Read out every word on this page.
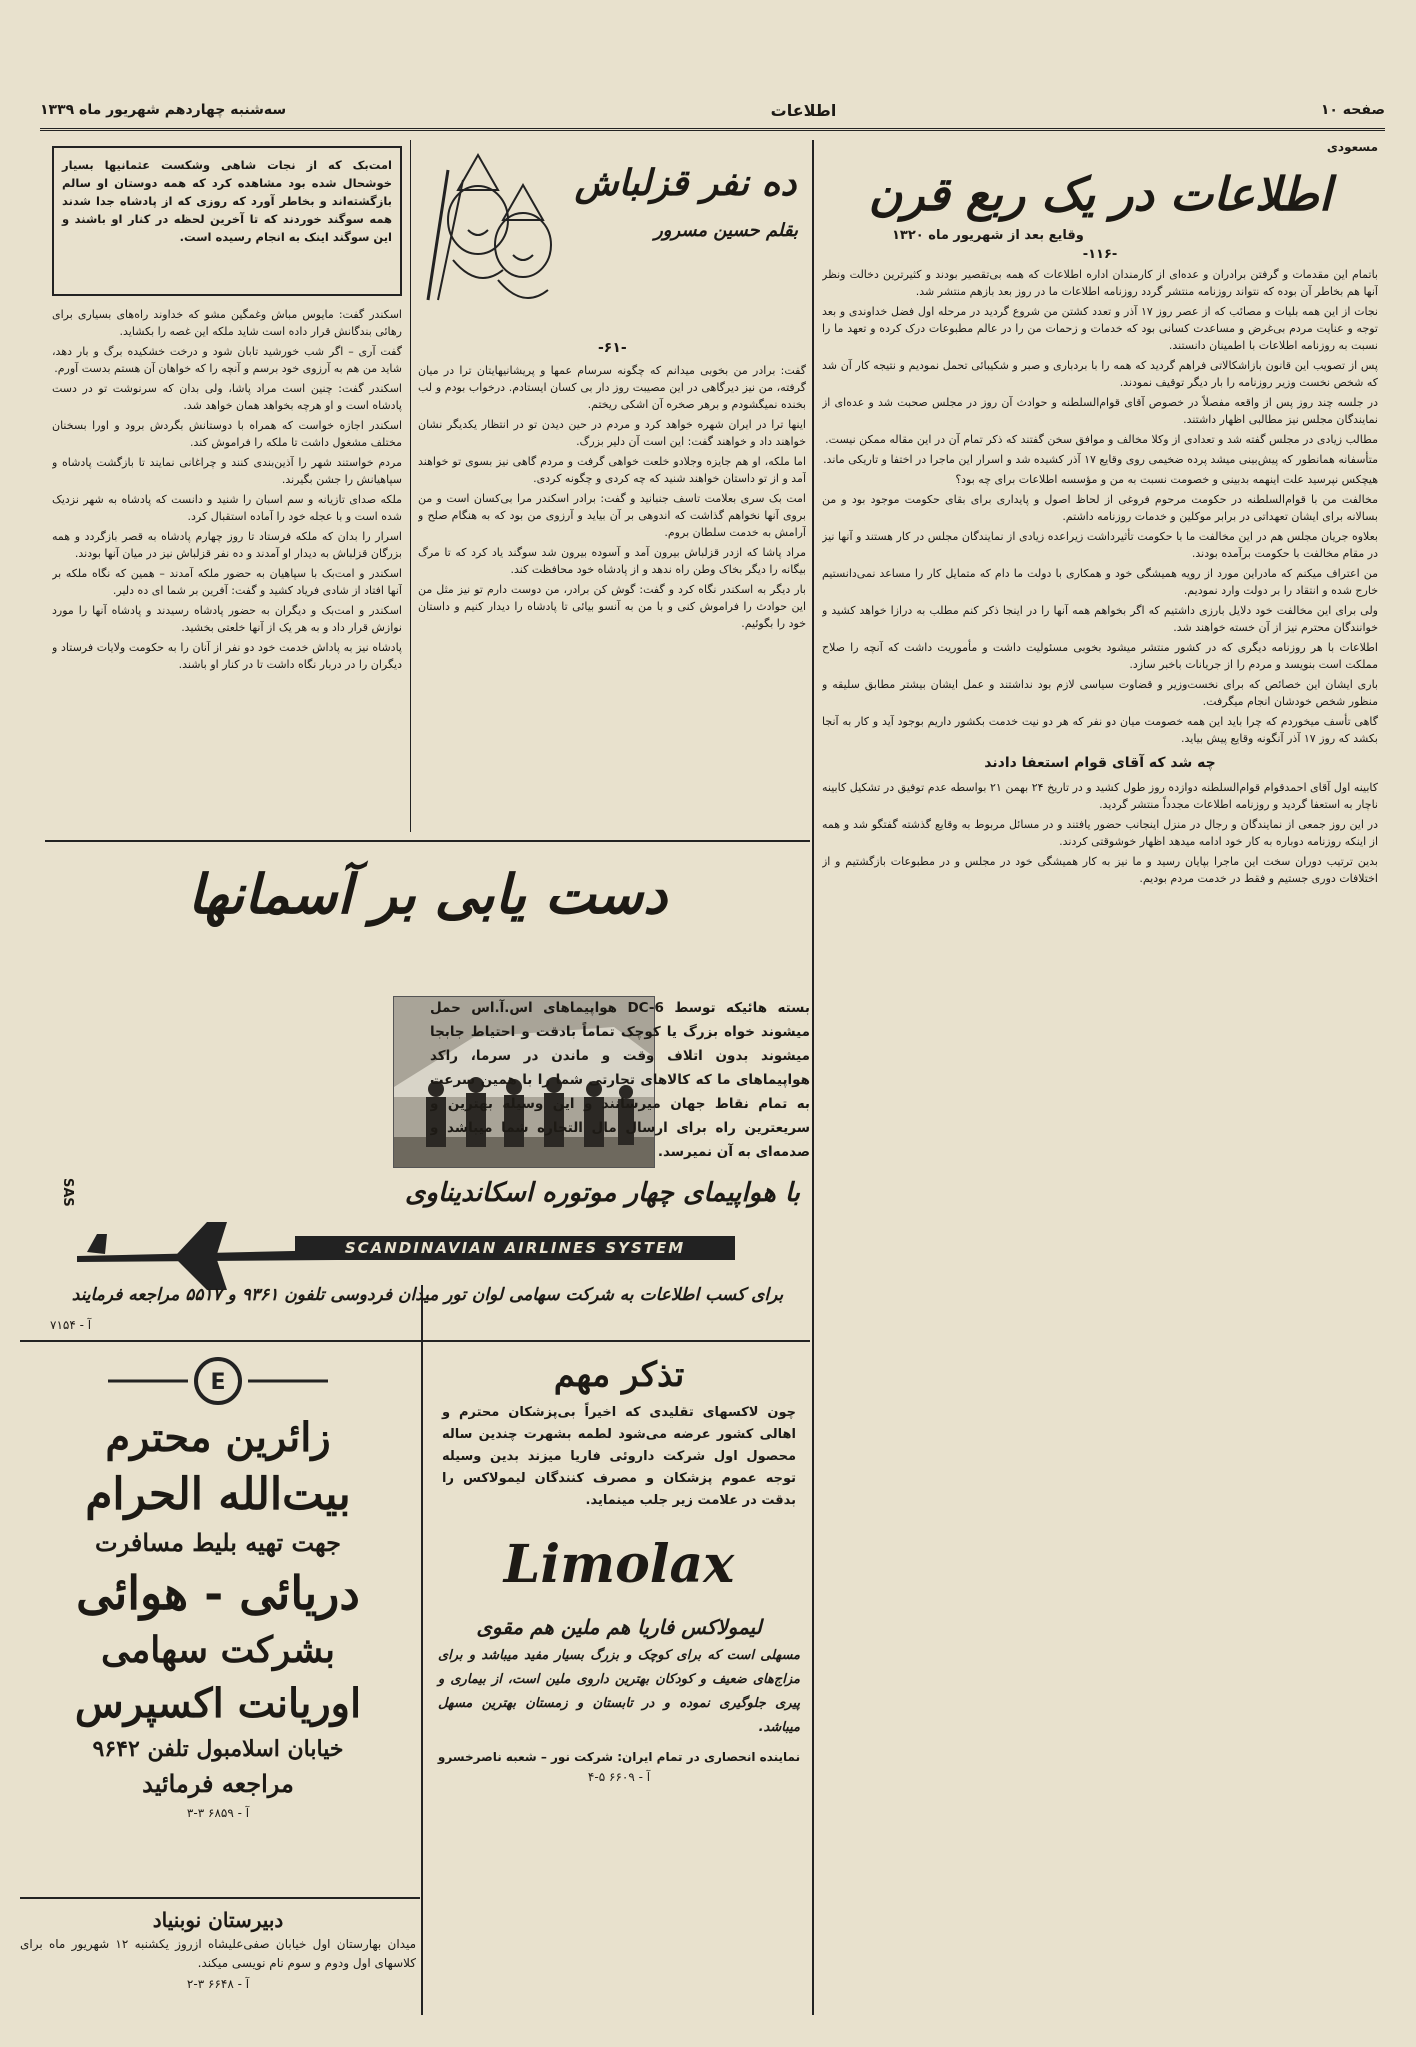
صفحه ۱۰
اطلاعات
سه‌شنبه چهاردهم شهریور ماه ۱۳۳۹
مسعودی
اطلاعات در یک ربع قرن
وقایع بعد از شهریور ماه ۱۳۲۰
-۱۱۶-

باتمام این مقدمات و گرفتن برادران و عده‌ای از کارمندان اداره اطلاعات که همه بی‌تقصیر بودند و کثیرترین دخالت ونظر آنها هم بخاطر آن بوده که نتواند روزنامه منتشر گردد روزنامه اطلاعات ما در روز بعد بازهم منتشر شد.

نجات از این همه بلیات و مصائب که از عصر روز ۱۷ آذر و تعدد کشتن من شروع گردید در مرحله اول فضل خداوندی و بعد توجه و عنایت مردم بی‌غرض و مساعدت کسانی بود که خدمات و زحمات من را در عالم مطبوعات درک کرده و تعهد ما را نسبت به روزنامه اطلاعات با اطمینان دانستند.

پس از تصویب این قانون بازاشکالاتی فراهم گردید که همه را با بردباری و صبر و شکیبائی تحمل نمودیم و نتیجه کار آن شد که شخص نخست وزیر روزنامه را بار دیگر توقیف نمودند.

در جلسه چند روز پس از واقعه مفصلاً در خصوص آقای قوام‌السلطنه و حوادث آن روز در مجلس صحبت شد و عده‌ای از نمایندگان مجلس نیز مطالبی اظهار داشتند.

مطالب زیادی در مجلس گفته شد و تعدادی از وکلا مخالف و موافق سخن گفتند که ذکر تمام آن در این مقاله ممکن نیست.

متأسفانه همانطور که پیش‌بینی میشد پرده ضخیمی روی وقایع ۱۷ آذر کشیده شد و اسرار این ماجرا در اختفا و تاریکی ماند.

هیچکس نپرسید علت اینهمه بدبینی و خصومت نسبت به من و مؤسسه اطلاعات برای چه بود؟

مخالفت من با قوام‌السلطنه در حکومت مرحوم فروغی از لحاظ اصول و پایداری برای بقای حکومت موجود بود و من بسالانه برای ایشان تعهداتی در برابر موکلین و خدمات روزنامه داشتم.

بعلاوه جریان مجلس هم در این مخالفت ما با حکومت تأثیرداشت زیراعده زیادی از نمایندگان مجلس در کار هستند و آنها نیز در مقام مخالفت با حکومت برآمده بودند.

من اعتراف میکنم که مادراین مورد از رویه همیشگی خود و همکاری با دولت ما دام که متمایل کار را مساعد نمی‌دانستیم خارج شده و انتقاد را بر دولت وارد نمودیم.

ولی برای این مخالفت خود دلایل بارزی داشتیم که اگر بخواهم همه آنها را در اینجا ذکر کنم مطلب به درازا خواهد کشید و خوانندگان محترم نیز از آن خسته خواهند شد.

اطلاعات با هر روزنامه دیگری که در کشور منتشر میشود بخوبی مسئولیت داشت و مأموریت داشت که آنچه را صلاح مملکت است بنویسد و مردم را از جریانات باخبر سازد.

باری ایشان این خصائص که برای نخست‌وزیر و قضاوت سیاسی لازم بود نداشتند و عمل ایشان بیشتر مطابق سلیقه و منظور شخص خودشان انجام میگرفت.

گاهی تأسف میخوردم که چرا باید این همه خصومت میان دو نفر که هر دو نیت خدمت بکشور داریم بوجود آید و کار به آنجا بکشد که روز ۱۷ آذر آنگونه وقایع پیش بیاید.

چه شد که آقای قوام استعفا دادند

کابینه اول آقای احمدقوام قوام‌السلطنه دوازده روز طول کشید و در تاریخ ۲۴ بهمن ۲۱ بواسطه عدم توفیق در تشکیل کابینه ناچار به استعفا گردید و روزنامه اطلاعات مجدداً منتشر گردید.

در این روز جمعی از نمایندگان و رجال در منزل اینجانب حضور یافتند و در مسائل مربوط به وقایع گذشته گفتگو شد و همه از اینکه روزنامه دوباره به کار خود ادامه میدهد اظهار خوشوقتی کردند.

بدین ترتیب دوران سخت این ماجرا بپایان رسید و ما نیز به کار همیشگی خود در مجلس و در مطبوعات بازگشتیم و از اختلافات دوری جستیم و فقط در خدمت مردم بودیم.

ده نفر قزلباش
بقلم حسین مسرور
-۶۱-

گفت: برادر من بخوبی میدانم که چگونه سرسام عمها و پریشانیهایتان ترا در میان گرفته، من نیز دیرگاهی در این مصیبت روز دار بی کسان ایستادم. درخواب بودم و لب بخنده نمیگشودم و برهر صخره آن اشکی ریختم.

اینها ترا در ایران شهره خواهد کرد و مردم در حین دیدن تو در انتظار یکدیگر نشان خواهند داد و خواهند گفت: این است آن دلیر بزرگ.

اما ملکه، او هم جایزه وجلادو خلعت خواهی گرفت و مردم گاهی نیز بسوی تو خواهند آمد و از تو داستان خواهند شنید که چه کردی و چگونه کردی.

امت بک سری بعلامت تاسف جنبانید و گفت: برادر اسکندر مرا بی‌کسان است و من بروی آنها نخواهم گذاشت که اندوهی بر آن بیاید و آرزوی من بود که به هنگام صلح و آرامش به خدمت سلطان بروم.

مراد پاشا که ازدر قزلباش بیرون آمد و آسوده بیرون شد سوگند یاد کرد که تا مرگ بیگانه را دیگر بخاک وطن راه ندهد و از پادشاه خود محافظت کند.

بار دیگر به اسکندر نگاه کرد و گفت: گوش کن برادر، من دوست دارم تو نیز مثل من این حوادث را فراموش کنی و با من به آنسو بیائی تا پادشاه را دیدار کنیم و داستان خود را بگوئیم.

امت‌بک که از نجات شاهی وشکست عثمانیها بسیار خوشحال شده بود مشاهده کرد که همه دوستان او سالم بازگشته‌اند و بخاطر آورد که روزی که از پادشاه جدا شدند همه سوگند خوردند که تا آخرین لحظه در کنار او باشند و این سوگند اینک به انجام رسیده است.

اسکندر گفت: مایوس مباش وغمگین مشو که خداوند راه‌های بسیاری برای رهائی بندگانش قرار داده است شاید ملکه این غصه را بکشاید.

گفت آری – اگر شب خورشید تابان شود و درخت خشکیده برگ و بار دهد، شاید من هم به آرزوی خود برسم و آنچه را که خواهان آن هستم بدست آورم.

اسکندر گفت: چنین است مراد پاشا، ولی بدان که سرنوشت تو در دست پادشاه است و او هرچه بخواهد همان خواهد شد.

اسکندر اجازه خواست که همراه با دوستانش بگردش برود و اورا بسخنان مختلف مشغول داشت تا ملکه را فراموش کند.

مردم خواستند شهر را آذین‌بندی کنند و چراغانی نمایند تا بازگشت پادشاه و سپاهیانش را جشن بگیرند.

ملکه صدای تازیانه و سم اسبان را شنید و دانست که پادشاه به شهر نزدیک شده است و با عجله خود را آماده استقبال کرد.

اسرار را بدان که ملکه فرستاد تا روز چهارم پادشاه به قصر بازگردد و همه بزرگان قزلباش به دیدار او آمدند و ده نفر قزلباش نیز در میان آنها بودند.

اسکندر و امت‌بک با سپاهیان به حضور ملکه آمدند – همین که نگاه ملکه بر آنها افتاد از شادی فریاد کشید و گفت: آفرین بر شما ای ده دلیر.

اسکندر و امت‌بک و دیگران به حضور پادشاه رسیدند و پادشاه آنها را مورد نوازش قرار داد و به هر یک از آنها خلعتی بخشید.

پادشاه نیز به پاداش خدمت خود دو نفر از آنان را به حکومت ولایات فرستاد و دیگران را در دربار نگاه داشت تا در کنار او باشند.

دست یابی بر آسمانها

بسته هائیکه توسط DC-6 هواپیماهای اس.آ.اس حمل میشوند خواه بزرگ یا کوچک تماماً بادقت و احتیاط جابجا میشوند بدون اتلاف وقت و ماندن در سرما، راکد هواپیماهای ما که کالاهای تجارتی شما را با همین سرعت به تمام نقاط جهان میرسانند و این وسیله بهترین و سریعترین راه برای ارسال مال التجاره شما میباشد و صدمه‌ای به آن نمیرسد.

با هواپیمای چهار موتوره اسکاندیناوی
SAS
SCANDINAVIAN AIRLINES SYSTEM
برای کسب اطلاعات به شرکت سهامی لوان تور میدان فردوسی تلفون ۹۳۶۱ و ۵۵۱۷ مراجعه فرمایند
آ - ۷۱۵۴
E
زائرین محترم
بیت‌الله الحرام
جهت تهیه بلیط مسافرت
دریائی - هوائی
بشرکت سهامی
اوریانت اکسپرس
خیابان اسلامبول تلفن ۹۶۴۲
مراجعه فرمائید
آ - ۶۸۵۹ ۳-۳
دبیرستان نوبنیاد

میدان بهارستان اول خیابان صفی‌علیشاه ازروز یکشنبه ۱۲ شهریور ماه برای کلاسهای اول ودوم و سوم نام نویسی میکند.

آ - ۶۶۴۸ ۳-۲
تذکر مهم

چون لاکسهای تقلیدی که اخیراً بی‌پزشکان محترم و اهالی کشور عرضه می‌شود لطمه بشهرت چندین ساله محصول اول شرکت داروئی فاریا میزند بدین وسیله توجه عموم پزشکان و مصرف کنندگان لیمولاکس را بدقت در علامت زیر جلب مینماید.

Limolax
لیمولاکس فاریا هم ملین هم مقوی

مسهلی است که برای کوچک و بزرگ بسیار مفید میباشد و برای مزاج‌های ضعیف و کودکان بهترین داروی ملین است، از بیماری و پیری جلوگیری نموده و در تابستان و زمستان بهترین مسهل میباشد.

نماینده انحصاری در تمام ایران: شرکت نور – شعبه ناصرخسرو
آ - ۶۶۰۹ ۵-۴
